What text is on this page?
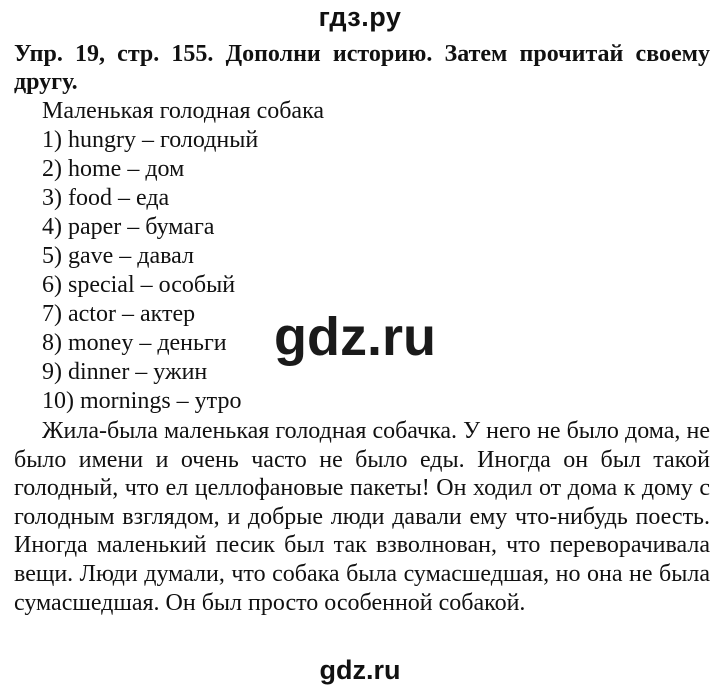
гдз.ру
Упр. 19, стр. 155. Дополни историю. Затем прочитай своему другу.
Маленькая голодная собака
1) hungry – голодный
2) home – дом
3) food – еда
4) paper – бумага
5) gave – давал
6) special – особый
7) actor – актер
8) money – деньги
9) dinner – ужин
10) mornings – утро
gdz.ru
Жила-была маленькая голодная собачка. У него не было дома, не было имени и очень часто не было еды. Иногда он был такой голодный, что ел целлофановые пакеты! Он ходил от дома к дому с голодным взглядом, и добрые люди давали ему что-нибудь поесть. Иногда маленький песик был так взволнован, что переворачивала вещи. Люди думали, что собака была сумасшедшая, но она не была сумасшедшая. Он был просто особенной собакой.
gdz.ru
